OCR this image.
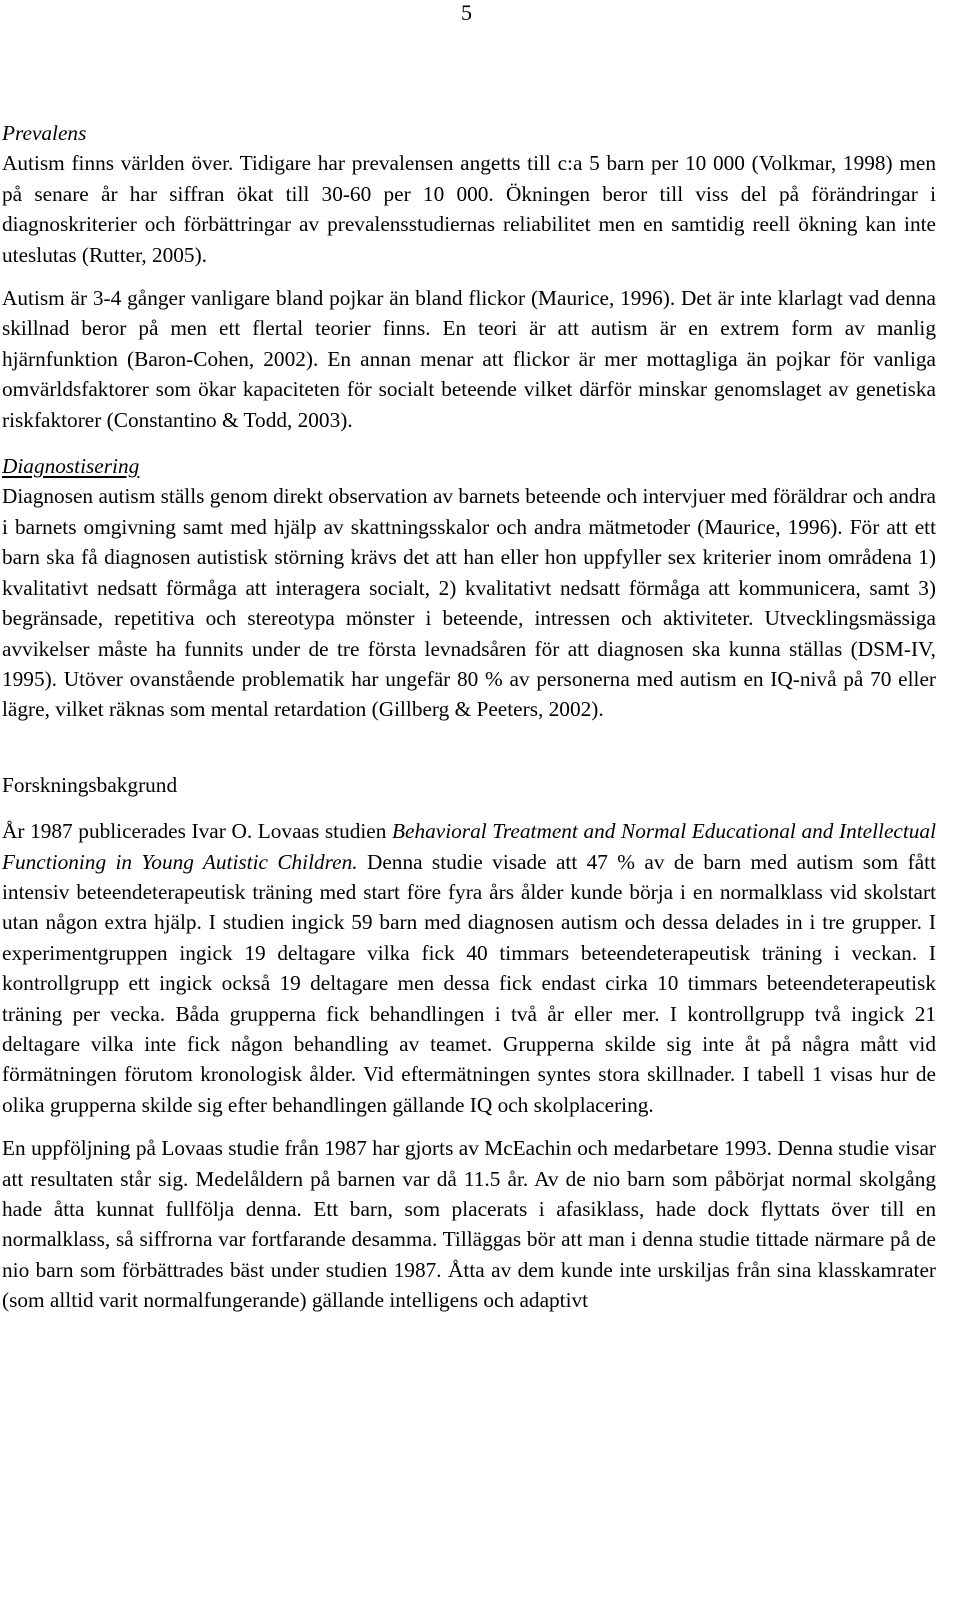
5

Prevalens

Autism finns världen över. Tidigare har prevalensen angetts till c:a 5 barn per 10 000 (Volkmar, 1998) men på senare år har siffran ökat till 30-60 per 10 000. Ökningen beror till viss del på förändringar i diagnoskriterier och förbättringar av prevalensstudiernas reliabilitet men en samtidig reell ökning kan inte uteslutas (Rutter, 2005).

Autism är 3-4 gånger vanligare bland pojkar än bland flickor (Maurice, 1996). Det är inte klarlagt vad denna skillnad beror på men ett flertal teorier finns. En teori är att autism är en extrem form av manlig hjärnfunktion (Baron-Cohen, 2002). En annan menar att flickor är mer mottagliga än pojkar för vanliga omvärldsfaktorer som ökar kapaciteten för socialt beteende vilket därför minskar genomslaget av genetiska riskfaktorer (Constantino & Todd, 2003).

Diagnostisering

Diagnosen autism ställs genom direkt observation av barnets beteende och intervjuer med föräldrar och andra i barnets omgivning samt med hjälp av skattningsskalor och andra mätmetoder (Maurice, 1996). För att ett barn ska få diagnosen autistisk störning krävs det att han eller hon uppfyller sex kriterier inom områdena 1) kvalitativt nedsatt förmåga att interagera socialt, 2) kvalitativt nedsatt förmåga att kommunicera, samt 3) begränsade, repetitiva och stereotypa mönster i beteende, intressen och aktiviteter. Utvecklingsmässiga avvikelser måste ha funnits under de tre första levnadsåren för att diagnosen ska kunna ställas (DSM-IV, 1995). Utöver ovanstående problematik har ungefär 80 % av personerna med autism en IQ-nivå på 70 eller lägre, vilket räknas som mental retardation (Gillberg & Peeters, 2002).

Forskningsbakgrund

År 1987 publicerades Ivar O. Lovaas studien Behavioral Treatment and Normal Educational and Intellectual Functioning in Young Autistic Children. Denna studie visade att 47 % av de barn med autism som fått intensiv beteendeterapeutisk träning med start före fyra års ålder kunde börja i en normalklass vid skolstart utan någon extra hjälp. I studien ingick 59 barn med diagnosen autism och dessa delades in i tre grupper. I experimentgruppen ingick 19 deltagare vilka fick 40 timmars beteendeterapeutisk träning i veckan. I kontrollgrupp ett ingick också 19 deltagare men dessa fick endast cirka 10 timmars beteendeterapeutisk träning per vecka. Båda grupperna fick behandlingen i två år eller mer. I kontrollgrupp två ingick 21 deltagare vilka inte fick någon behandling av teamet. Grupperna skilde sig inte åt på några mått vid förmätningen förutom kronologisk ålder. Vid eftermätningen syntes stora skillnader. I tabell 1 visas hur de olika grupperna skilde sig efter behandlingen gällande IQ och skolplacering.

En uppföljning på Lovaas studie från 1987 har gjorts av McEachin och medarbetare 1993. Denna studie visar att resultaten står sig. Medelåldern på barnen var då 11.5 år. Av de nio barn som påbörjat normal skolgång hade åtta kunnat fullfölja denna. Ett barn, som placerats i afasiklass, hade dock flyttats över till en normalklass, så siffrorna var fortfarande desamma. Tilläggas bör att man i denna studie tittade närmare på de nio barn som förbättrades bäst under studien 1987. Åtta av dem kunde inte urskiljas från sina klasskamrater (som alltid varit normalfungerande) gällande intelligens och adaptivt
